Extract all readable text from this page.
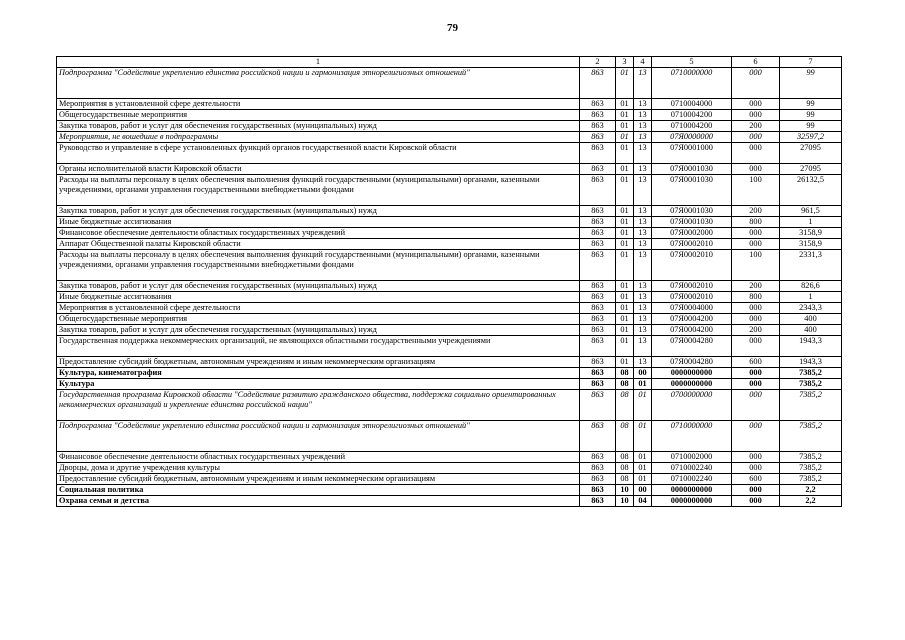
79
1	2	3	4	5	6	7
Подпрограмма "Содействие укреплению единства российской нации и гармонизация этнорелигиозных отношений"	863	01	13	0710000000	000	99
Мероприятия в установленной сфере деятельности	863	01	13	0710004000	000	99
Общегосударственные мероприятия	863	01	13	0710004200	000	99
Закупка товаров, работ и услуг для обеспечения государственных (муниципальных) нужд	863	01	13	0710004200	200	99
Мероприятия, не вошедшие в подпрограммы	863	01	13	07Я0000000	000	32597,2
Руководство и управление в сфере установленных функций органов государственной власти Кировской области	863	01	13	07Я0001000	000	27095
Органы исполнительной власти Кировской области	863	01	13	07Я0001030	000	27095
Расходы на выплаты персоналу в целях обеспечения выполнения функций государственными (муниципальными) органами, казенными учреждениями, органами управления государственными внебюджетными фондами	863	01	13	07Я0001030	100	26132,5
Закупка товаров, работ и услуг для обеспечения государственных (муниципальных) нужд	863	01	13	07Я0001030	200	961,5
Иные бюджетные ассигнования	863	01	13	07Я0001030	800	1
Финансовое обеспечение деятельности областных государственных учреждений	863	01	13	07Я0002000	000	3158,9
Аппарат Общественной палаты Кировской области	863	01	13	07Я0002010	000	3158,9
Расходы на выплаты персоналу в целях обеспечения выполнения функций государственными (муниципальными) органами, казенными учреждениями, органами управления государственными внебюджетными фондами	863	01	13	07Я0002010	100	2331,3
Закупка товаров, работ и услуг для обеспечения государственных (муниципальных) нужд	863	01	13	07Я0002010	200	826,6
Иные бюджетные ассигнования	863	01	13	07Я0002010	800	1
Мероприятия в установленной сфере деятельности	863	01	13	07Я0004000	000	2343,3
Общегосударственные мероприятия	863	01	13	07Я0004200	000	400
Закупка товаров, работ и услуг для обеспечения государственных (муниципальных) нужд	863	01	13	07Я0004200	200	400
Государственная поддержка некоммерческих организаций, не являющихся областными государственными учреждениями	863	01	13	07Я0004280	000	1943,3
Предоставление субсидий бюджетным, автономным учреждениям и иным некоммерческим организациям	863	01	13	07Я0004280	600	1943,3
Культура, кинематография	863	08	00	0000000000	000	7385,2
Культура	863	08	01	0000000000	000	7385,2
Государственная программа Кировской области "Содействие развитию гражданского общества, поддержка социально ориентированных некоммерческих организаций и укрепление единства российской нации"	863	08	01	0700000000	000	7385,2
Подпрограмма "Содействие укреплению единства российской нации и гармонизация этнорелигиозных отношений"	863	08	01	0710000000	000	7385,2
Финансовое обеспечение деятельности областных государственных учреждений	863	08	01	0710002000	000	7385,2
Дворцы, дома и другие учреждения культуры	863	08	01	0710002240	000	7385,2
Предоставление субсидий бюджетным, автономным учреждениям и иным некоммерческим организациям	863	08	01	0710002240	600	7385,2
Социальная политика	863	10	00	0000000000	000	2,2
Охрана семьи и детства	863	10	04	0000000000	000	2,2
